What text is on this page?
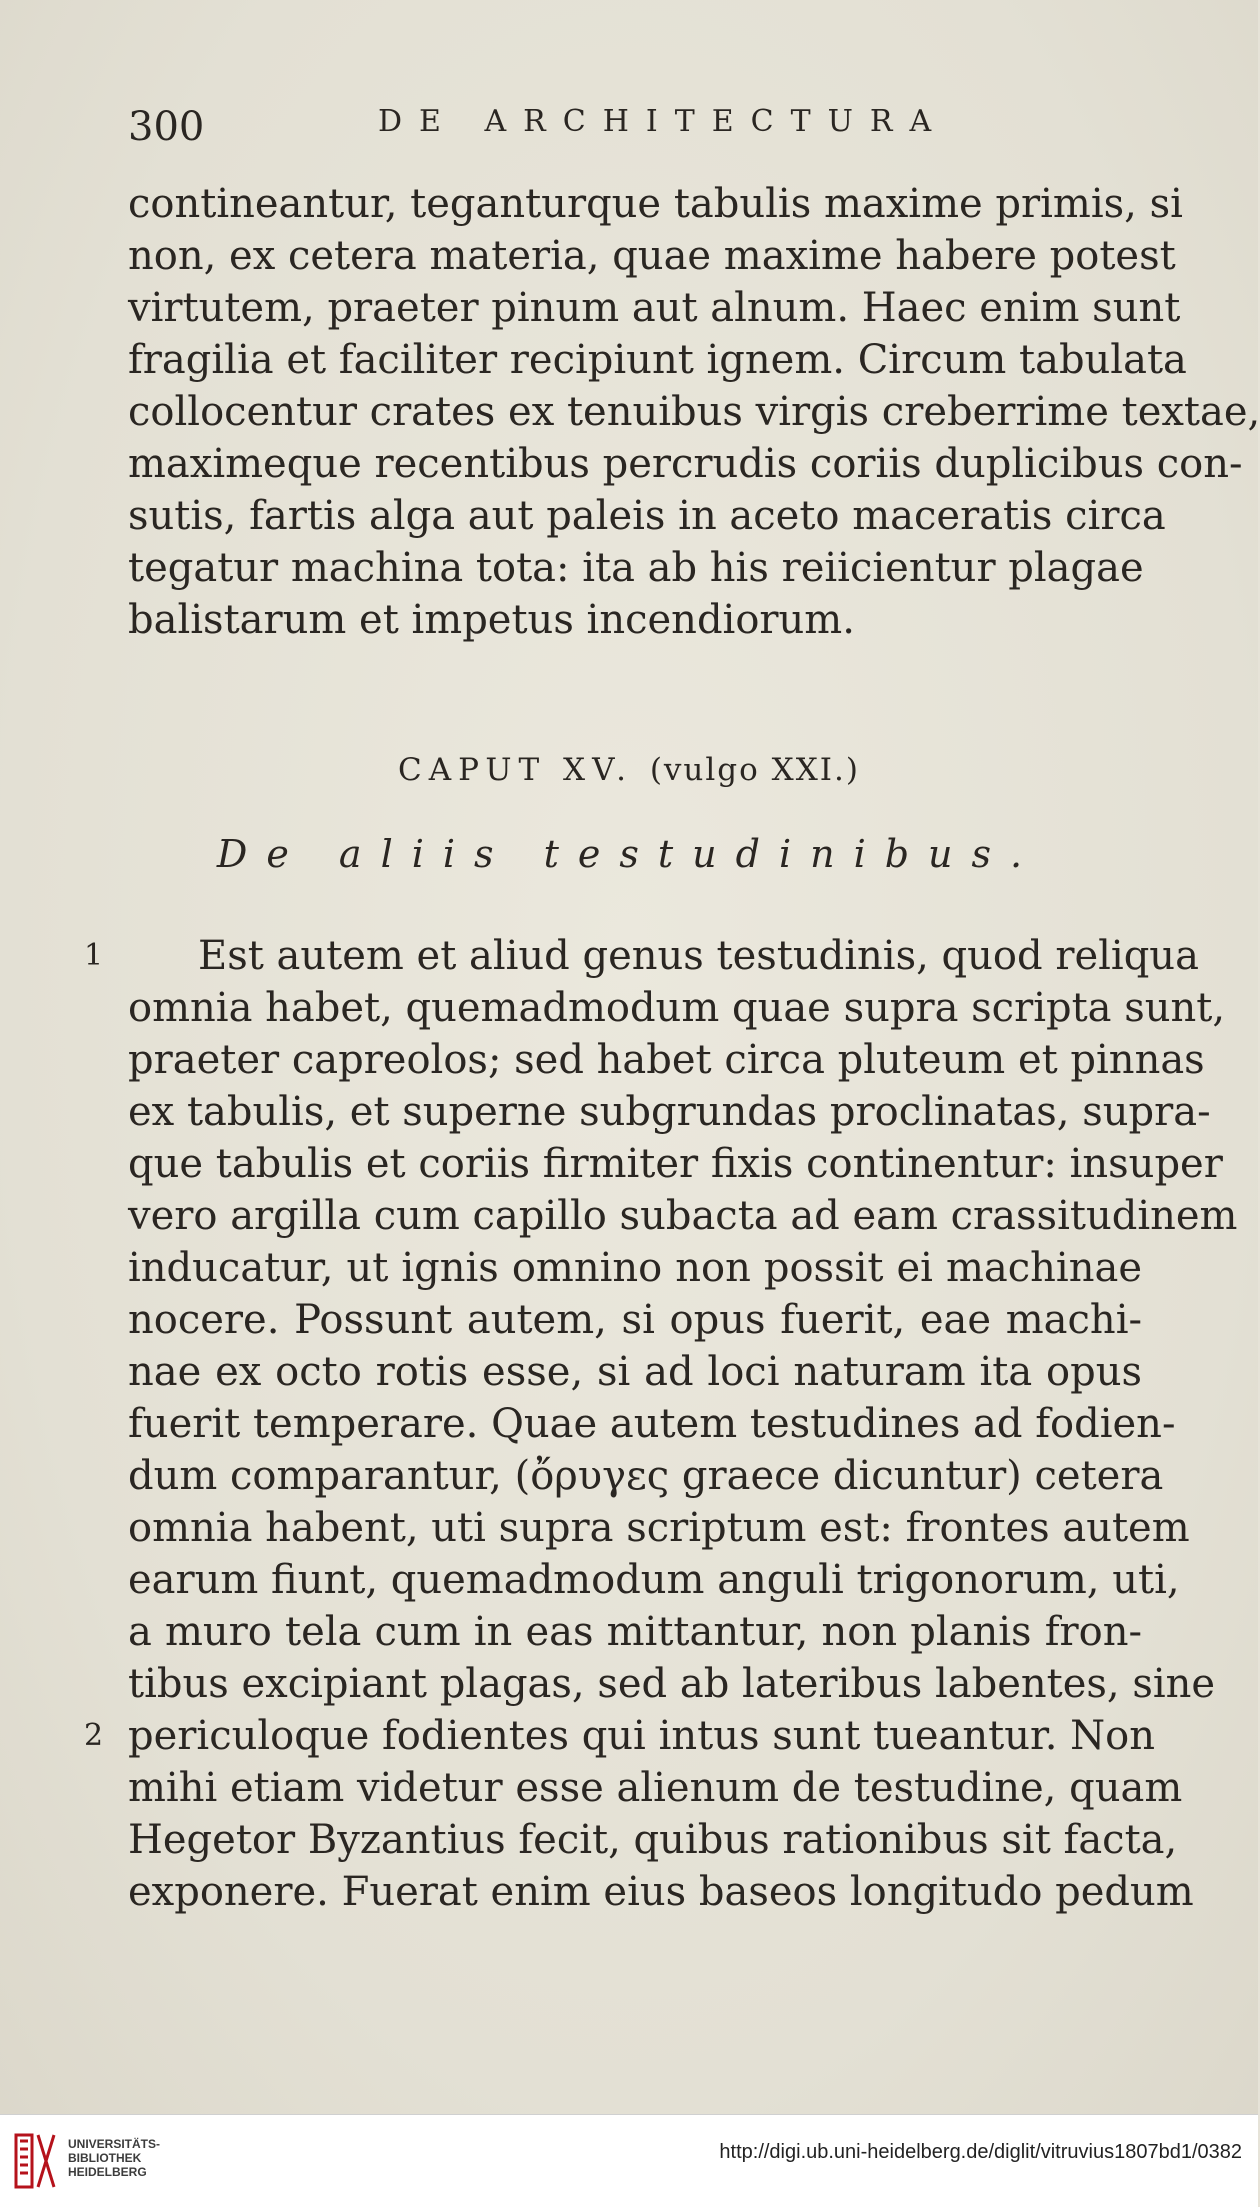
300	DE ARCHITECTURA
contineantur, teganturque tabulis maxime primis, si
non, ex cetera materia, quae maxime habere potest
virtutem, praeter pinum aut alnum. Haec enim sunt
fragilia et faciliter recipiunt ignem. Circum tabulata
collocentur crates ex tenuibus virgis creberrime textae,
maximeque recentibus percrudis coriis duplicibus con-
sutis, fartis alga aut paleis in aceto maceratis circa
tegatur machina tota: ita ab his reiicientur plagae
balistarum et impetus incendiorum.
CAPUT XV. (vulgo XXI.)
De aliis testudinibus.
1
2
Est autem et aliud genus testudinis, quod reliqua
omnia habet, quemadmodum quae supra scripta sunt,
praeter capreolos; sed habet circa pluteum et pinnas
ex tabulis, et superne subgrundas proclinatas, supra-
que tabulis et coriis firmiter fixis continentur: insuper
vero argilla cum capillo subacta ad eam crassitudinem
inducatur, ut ignis omnino non possit ei machinae
nocere. Possunt autem, si opus fuerit, eae machi-
nae ex octo rotis esse, si ad loci naturam ita opus
fuerit temperare. Quae autem testudines ad fodien-
dum comparantur, (ὄρυγες graece dicuntur) cetera
omnia habent, uti supra scriptum est: frontes autem
earum fiunt, quemadmodum anguli trigonorum, uti,
a muro tela cum in eas mittantur, non planis fron-
tibus excipiant plagas, sed ab lateribus labentes, sine
periculoque fodientes qui intus sunt tueantur. Non
mihi etiam videtur esse alienum de testudine, quam
Hegetor Byzantius fecit, quibus rationibus sit facta,
exponere. Fuerat enim eius baseos longitudo pedum
UNIVERSITÄTS-
BIBLIOTHEK
HEIDELBERG
http://digi.ub.uni-heidelberg.de/diglit/vitruvius1807bd1/0382
